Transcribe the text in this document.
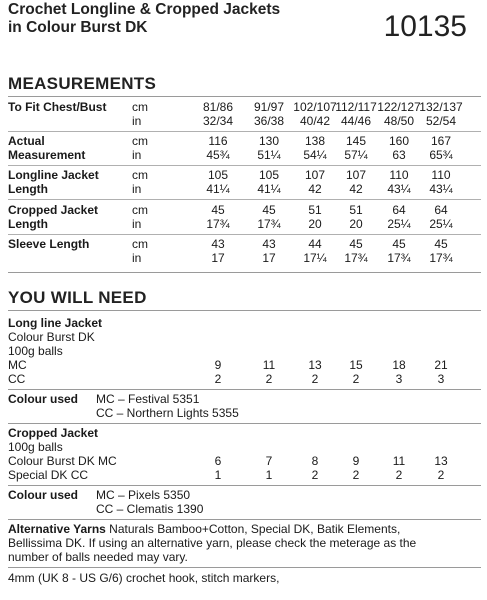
Crochet Longline & Cropped Jackets
in Colour Burst DK	10135
MEASUREMENTS
To Fit Chest/Bust cm
in
81/86
32/34
91/97
36/38
102/107
40/42
112/117
44/46
122/127
48/50
132/137
52/54
Actual
Measurement
cm
in
116
45¾
130
51¼
138
54¼
145
57¼
160
63
167
65¾
Longline Jacket
Length
cm
in
105
41¼
105
41¼
107
42
107
42
110
43¼
110
43¼
Cropped Jacket
Length
cm
in
45
17¾
45
17¾
51
20
51
20
64
25¼
64
25¼
Sleeve Length	cm
in
43
17
43
17
44
17¼
45
17¾
45
17¾
45
17¾
YOU WILL NEED
Long line Jacket
Colour Burst DK
100g balls
MC
CC
9
2
11
2
13
2
15
2
18
3
21
3
Colour used MC – Festival 5351
CC – Northern Lights 5355
Cropped Jacket
100g balls
Colour Burst DK MC
Special DK CC
6
1
7
1
8
2
9
2
11
2
13
2
Colour used MC – Pixels 5350
CC – Clematis 1390
Alternative Yarns Naturals Bamboo+Cotton, Special DK, Batik Elements,
Bellissima DK. If using an alternative yarn, please check the meterage as the
number of balls needed may vary.
4mm (UK 8 - US G/6) crochet hook, stitch markers,
